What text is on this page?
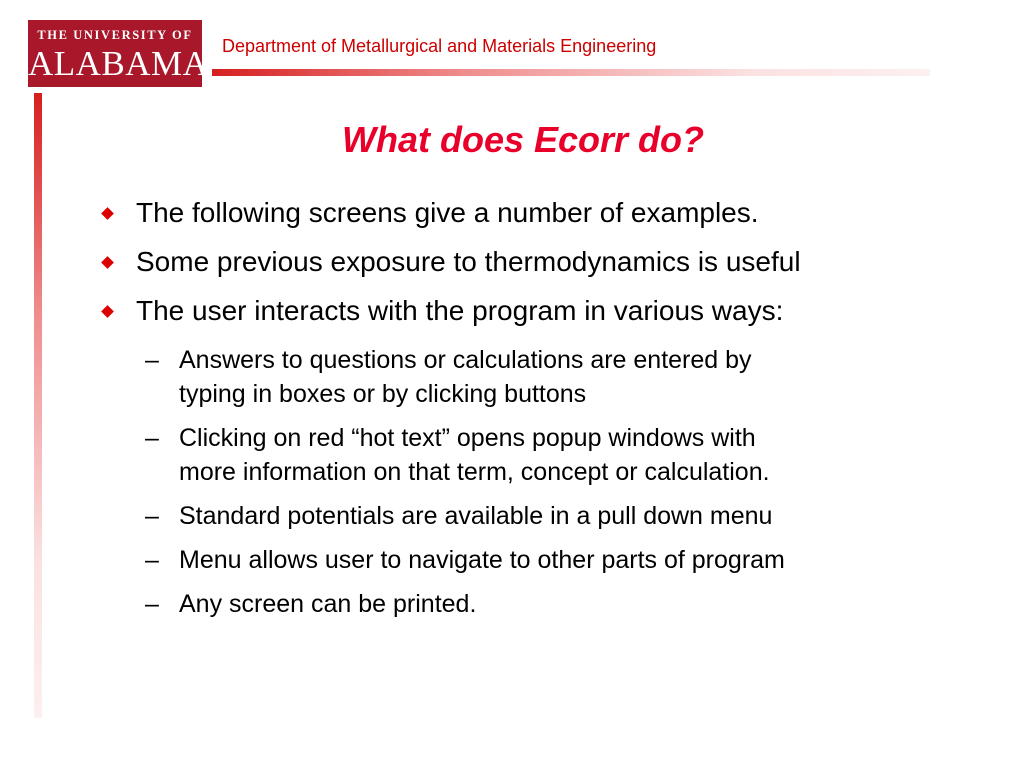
THE UNIVERSITY OF
ALABAMA Department of Metallurgical and Materials Engineering
What does Ecorr do?
The following screens give a number of examples.
Some previous exposure to thermodynamics is useful
The user interacts with the program in various ways:
– Answers to questions or calculations are entered by
typing in boxes or by clicking buttons
– Clicking on red “hot text” opens popup windows with
more information on that term, concept or calculation.
– Standard potentials are available in a pull down menu
– Menu allows user to navigate to other parts of program
– Any screen can be printed.
